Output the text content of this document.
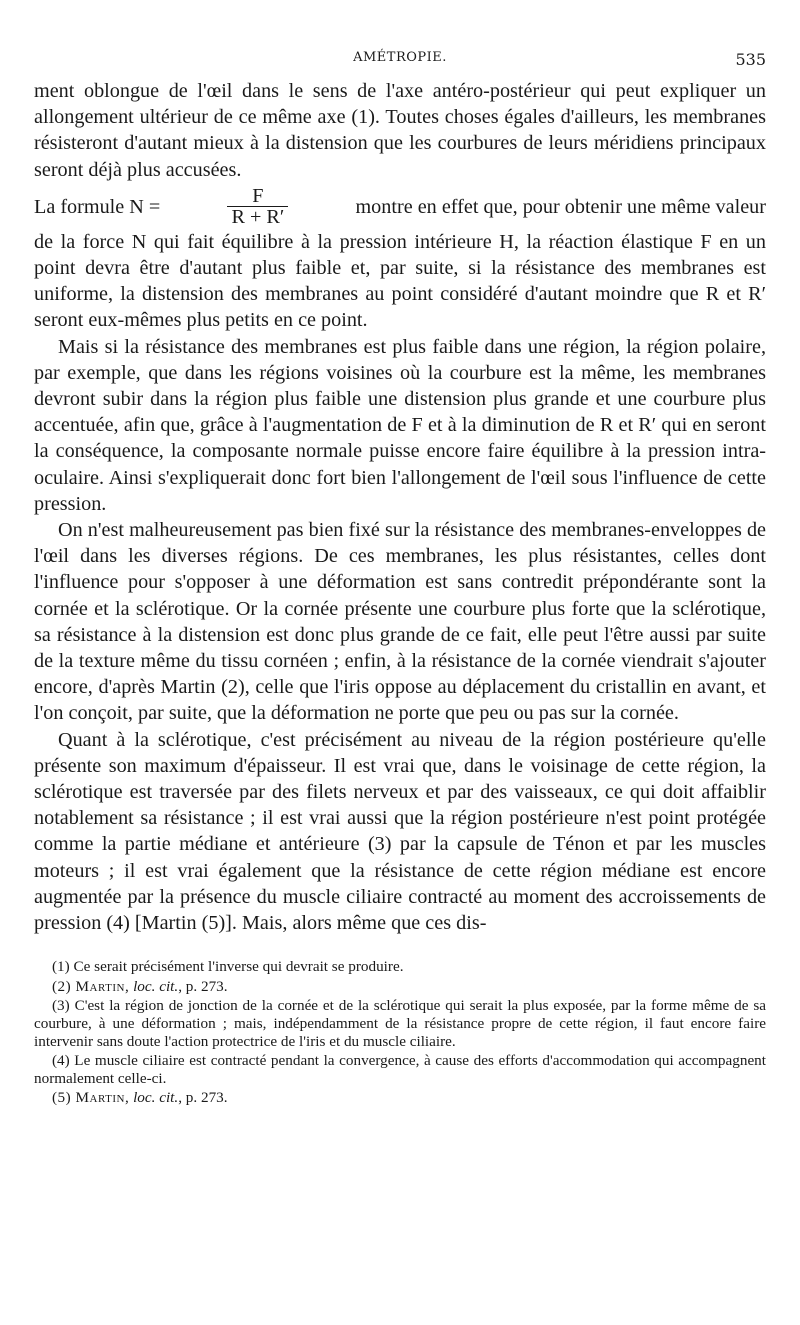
AMÉTROPIE.	535

ment oblongue de l'œil dans le sens de l'axe antéro-postérieur qui peut expliquer un allongement ultérieur de ce même axe (1). Toutes choses égales d'ailleurs, les membranes résisteront d'autant mieux à la distension que les courbures de leurs méridiens principaux seront déjà plus accusées.

La formule N =	$\frac{F}{R + R'}$	montre en effet que, pour obtenir une même valeur

de la force N qui fait équilibre à la pression intérieure H, la réaction élastique F en un point devra être d'autant plus faible et, par suite, si la résistance des membranes est uniforme, la distension des membranes au point considéré d'autant moindre que R et R′ seront eux-mêmes plus petits en ce point.

Mais si la résistance des membranes est plus faible dans une région, la région polaire, par exemple, que dans les régions voisines où la courbure est la même, les membranes devront subir dans la région plus faible une distension plus grande et une courbure plus accentuée, afin que, grâce à l'augmentation de F et à la diminution de R et R′ qui en seront la conséquence, la composante normale puisse encore faire équilibre à la pression intra-oculaire. Ainsi s'expliquerait donc fort bien l'allongement de l'œil sous l'influence de cette pression.

On n'est malheureusement pas bien fixé sur la résistance des membranes-enveloppes de l'œil dans les diverses régions. De ces membranes, les plus résistantes, celles dont l'influence pour s'opposer à une déformation est sans contredit prépondérante sont la cornée et la sclérotique. Or la cornée présente une courbure plus forte que la sclérotique, sa résistance à la distension est donc plus grande de ce fait, elle peut l'être aussi par suite de la texture même du tissu cornéen ; enfin, à la résistance de la cornée viendrait s'ajouter encore, d'après Martin (2), celle que l'iris oppose au déplacement du cristallin en avant, et l'on conçoit, par suite, que la déformation ne porte que peu ou pas sur la cornée.

Quant à la sclérotique, c'est précisément au niveau de la région postérieure qu'elle présente son maximum d'épaisseur. Il est vrai que, dans le voisinage de cette région, la sclérotique est traversée par des filets nerveux et par des vaisseaux, ce qui doit affaiblir notablement sa résistance ; il est vrai aussi que la région postérieure n'est point protégée comme la partie médiane et antérieure (3) par la capsule de Ténon et par les muscles moteurs ; il est vrai également que la résistance de cette région médiane est encore augmentée par la présence du muscle ciliaire contracté au moment des accroissements de pression (4) [Martin (5)]. Mais, alors même que ces dis-

(1) Ce serait précisément l'inverse qui devrait se produire.

(2) Martin, loc. cit., p. 273.

(3) C'est la région de jonction de la cornée et de la sclérotique qui serait la plus exposée, par la forme même de sa courbure, à une déformation ; mais, indépendamment de la résistance propre de cette région, il faut encore faire intervenir sans doute l'action protectrice de l'iris et du muscle ciliaire.

(4) Le muscle ciliaire est contracté pendant la convergence, à cause des efforts d'accommodation qui accompagnent normalement celle-ci.

(5) Martin, loc. cit., p. 273.
